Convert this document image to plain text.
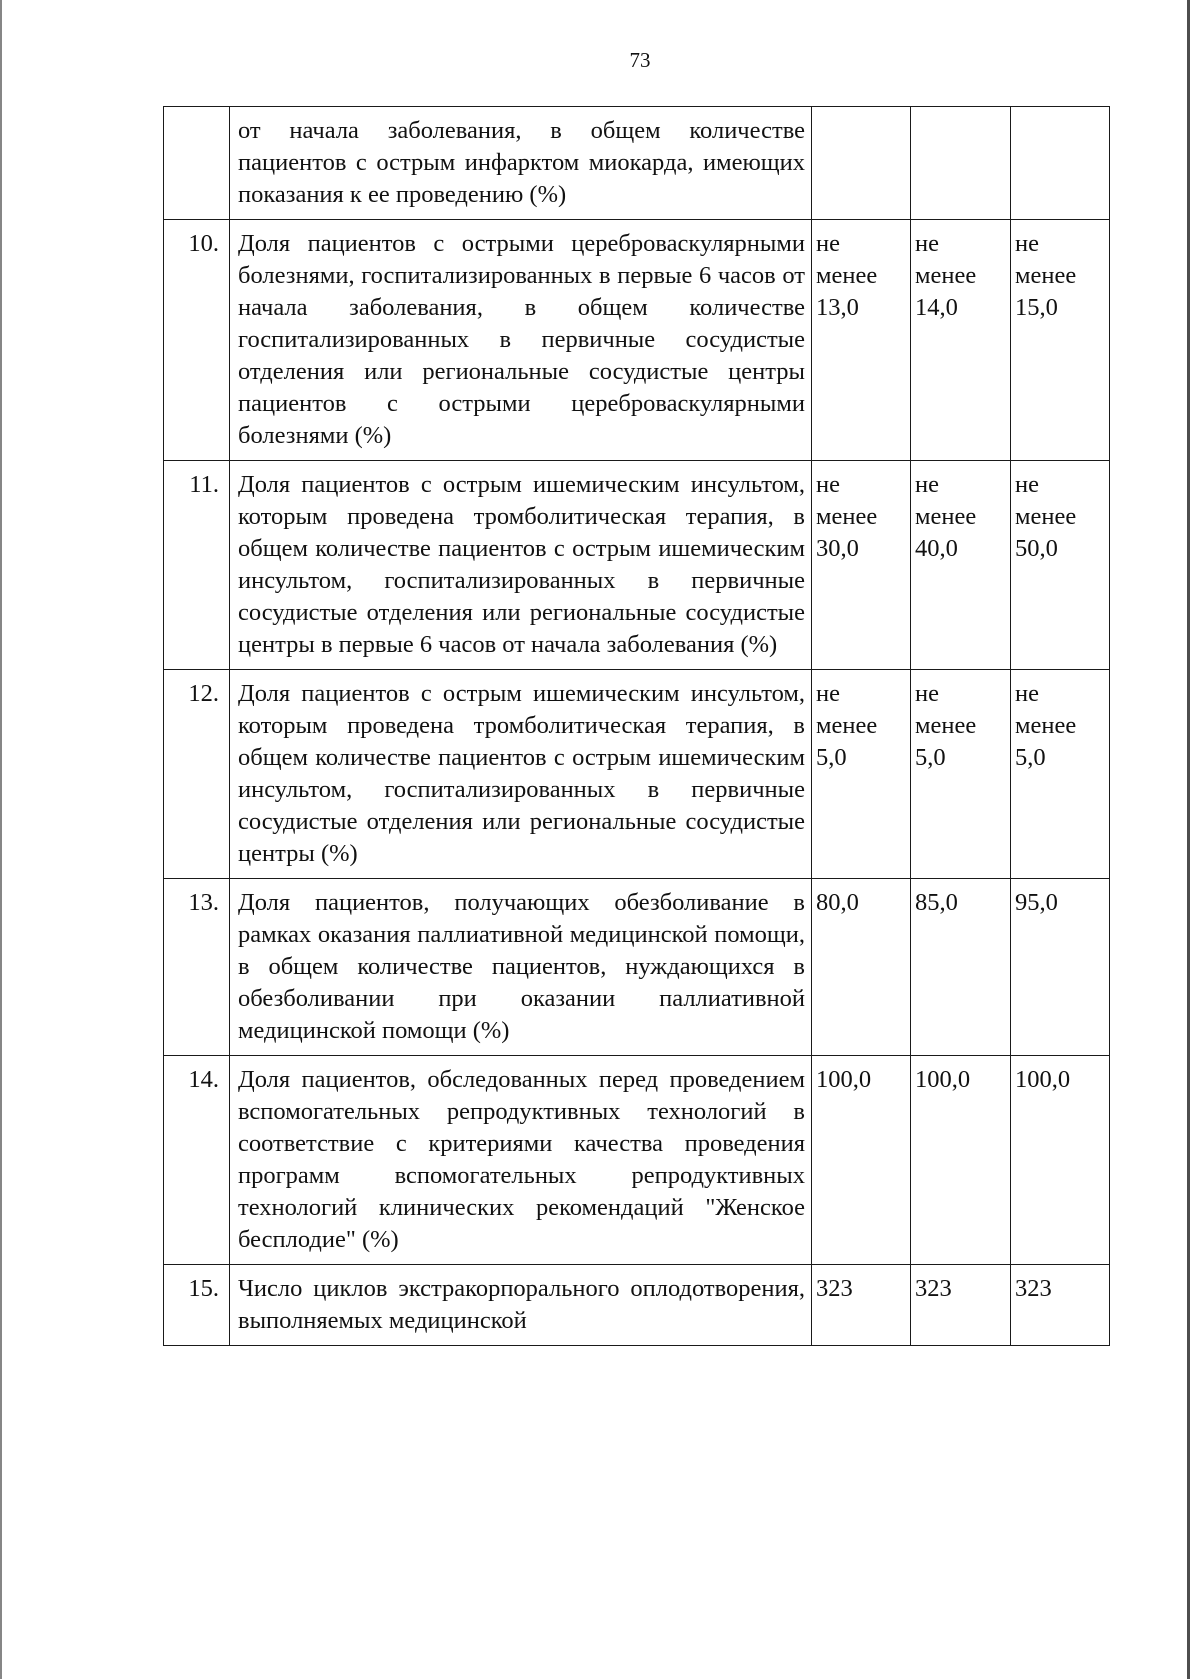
73
	от начала заболевания, в общем количестве пациентов с острым инфарктом миокарда, имеющих показания к ее проведению (%)			
10.	Доля пациентов с острыми цереброваскулярными болезнями, госпитализированных в первые 6 часов от начала заболевания, в общем количестве госпитализированных в первичные сосудистые отделения или региональные сосудистые центры пациентов с острыми цереброваскулярными болезнями (%)	не менее 13,0	не менее 14,0	не менее 15,0
11.	Доля пациентов с острым ишемическим инсультом, которым проведена тромболитическая терапия, в общем количестве пациентов с острым ишемическим инсультом, госпитализированных в первичные сосудистые отделения или региональные сосудистые центры в первые 6 часов от начала заболевания (%)	не менее 30,0	не менее 40,0	не менее 50,0
12.	Доля пациентов с острым ишемическим инсультом, которым проведена тромболитическая терапия, в общем количестве пациентов с острым ишемическим инсультом, госпитализированных в первичные сосудистые отделения или региональные сосудистые центры (%)	не менее 5,0	не менее 5,0	не менее 5,0
13.	Доля пациентов, получающих обезболивание в рамках оказания паллиативной медицинской помощи, в общем количестве пациентов, нуждающихся в обезболивании при оказании паллиативной медицинской помощи (%)	80,0	85,0	95,0
14.	Доля пациентов, обследованных перед проведением вспомогательных репродуктивных технологий в соответствие с критериями качества проведения программ вспомогательных репродуктивных технологий клинических рекомендаций "Женское бесплодие" (%)	100,0	100,0	100,0
15.	Число циклов экстракорпорального оплодотворения, выполняемых медицинской	323	323	323
